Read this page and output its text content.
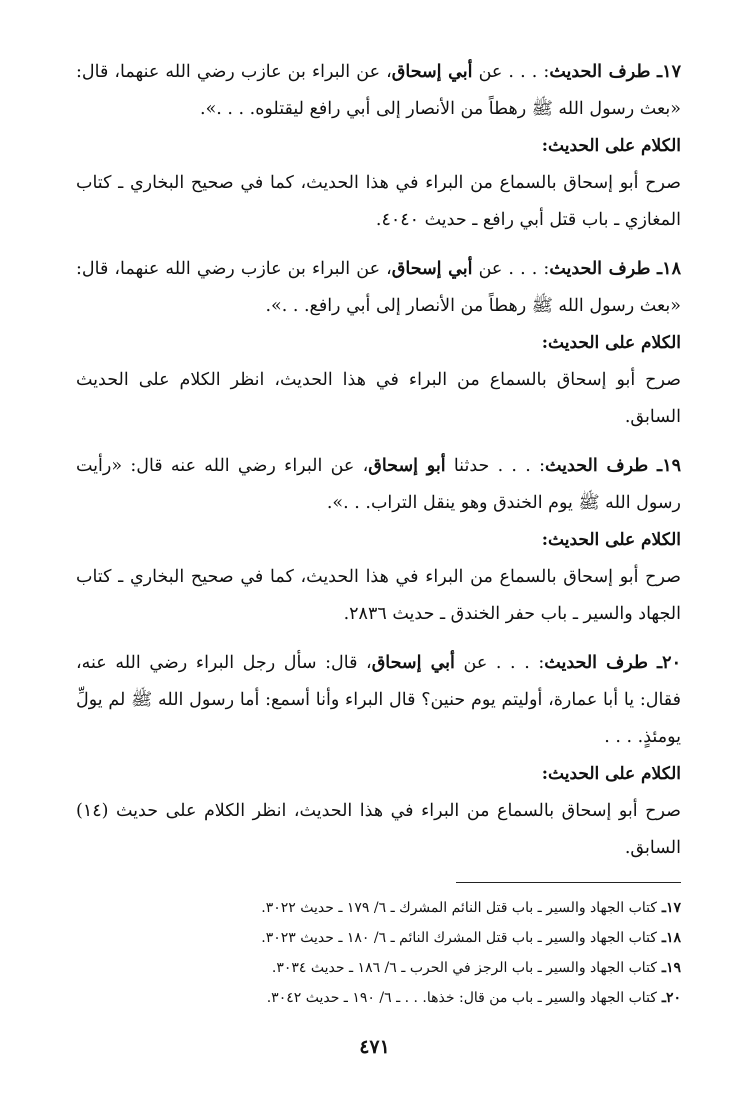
١٧ـ طرف الحديث: . . . عن أبي إسحاق، عن البراء بن عازب رضي الله عنهما، قال: «بعث رسول الله ﷺ رهطاً من الأنصار إلى أبي رافع ليقتلوه. . . .».
الكلام على الحديث:
صرح أبو إسحاق بالسماع من البراء في هذا الحديث، كما في صحيح البخاري ـ كتاب المغازي ـ باب قتل أبي رافع ـ حديث ٤٠٤٠.
١٨ـ طرف الحديث: . . . عن أبي إسحاق، عن البراء بن عازب رضي الله عنهما، قال: «بعث رسول الله ﷺ رهطاً من الأنصار إلى أبي رافع. . .».
الكلام على الحديث:
صرح أبو إسحاق بالسماع من البراء في هذا الحديث، انظر الكلام على الحديث السابق.
١٩ـ طرف الحديث: . . . حدثنا أبو إسحاق، عن البراء رضي الله عنه قال: «رأيت رسول الله ﷺ يوم الخندق وهو ينقل التراب. . .».
الكلام على الحديث:
صرح أبو إسحاق بالسماع من البراء في هذا الحديث، كما في صحيح البخاري ـ كتاب الجهاد والسير ـ باب حفر الخندق ـ حديث ٢٨٣٦.
٢٠ـ طرف الحديث: . . . عن أبي إسحاق، قال: سأل رجل البراء رضي الله عنه، فقال: يا أبا عمارة، أوليتم يوم حنين؟ قال البراء وأنا أسمع: أما رسول الله ﷺ لم يولِّ يومئذٍ. . . .
الكلام على الحديث:
صرح أبو إسحاق بالسماع من البراء في هذا الحديث، انظر الكلام على حديث (١٤) السابق.
١٧ـ كتاب الجهاد والسير ـ باب قتل النائم المشرك ـ ٦/ ١٧٩ ـ حديث ٣٠٢٢.
١٨ـ كتاب الجهاد والسير ـ باب قتل المشرك النائم ـ ٦/ ١٨٠ ـ حديث ٣٠٢٣.
١٩ـ كتاب الجهاد والسير ـ باب الرجز في الحرب ـ ٦/ ١٨٦ ـ حديث ٣٠٣٤.
٢٠ـ كتاب الجهاد والسير ـ باب من قال: خذها. . . ـ ٦/ ١٩٠ ـ حديث ٣٠٤٢.
٤٧١
